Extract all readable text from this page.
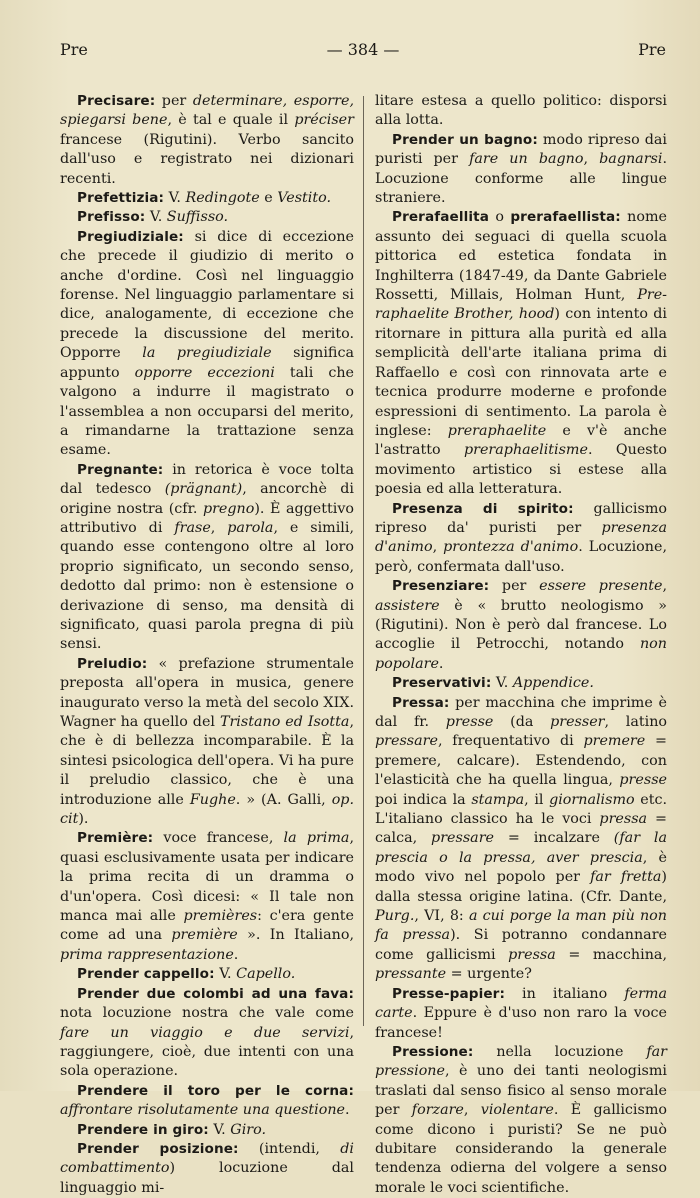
Pre	— 384 —	Pre

Precisare: per determinare, esporre, spiegarsi bene, è tal e quale il préciser francese (Rigutini). Verbo sancito dall'uso e registrato nei dizionari recenti.

Prefettizia: V. Redingote e Vestito.

Prefisso: V. Suffisso.

Pregiudiziale: si dice di eccezione che precede il giudizio di merito o anche d'ordine. Così nel linguaggio forense. Nel linguaggio parlamentare si dice, analogamente, di eccezione che precede la discussione del merito. Opporre la pregiudiziale significa appunto opporre eccezioni tali che valgono a indurre il magistrato o l'assemblea a non occuparsi del merito, a rimandarne la trattazione senza esame.

Pregnante: in retorica è voce tolta dal tedesco (prägnant), ancorchè di origine nostra (cfr. pregno). È aggettivo attributivo di frase, parola, e simili, quando esse contengono oltre al loro proprio significato, un secondo senso, dedotto dal primo: non è estensione o derivazione di senso, ma densità di significato, quasi parola pregna di più sensi.

Preludio: « prefazione strumentale preposta all'opera in musica, genere inaugurato verso la metà del secolo XIX. Wagner ha quello del Tristano ed Isotta, che è di bellezza incomparabile. È la sintesi psicologica dell'opera. Vi ha pure il preludio classico, che è una introduzione alle Fughe. » (A. Galli, op. cit).

Première: voce francese, la prima, quasi esclusivamente usata per indicare la prima recita di un dramma o d'un'opera. Così dicesi: « Il tale non manca mai alle premières: c'era gente come ad una première ». In Italiano, prima rappresentazione.

Prender cappello: V. Capello.

Prender due colombi ad una fava: nota locuzione nostra che vale come fare un viaggio e due servizi, raggiungere, cioè, due intenti con una sola operazione.

Prendere il toro per le corna: affrontare risolutamente una questione.

Prendere in giro: V. Giro.

Prender posizione: (intendi, di combattimento) locuzione dal linguaggio mi-

litare estesa a quello politico: disporsi alla lotta.

Prender un bagno: modo ripreso dai puristi per fare un bagno, bagnarsi. Locuzione conforme alle lingue straniere.

Prerafaellita o prerafaellista: nome assunto dei seguaci di quella scuola pittorica ed estetica fondata in Inghilterra (1847-49, da Dante Gabriele Rossetti, Millais, Holman Hunt, Pre-raphaelite Brother, hood) con intento di ritornare in pittura alla purità ed alla semplicità dell'arte italiana prima di Raffaello e così con rinnovata arte e tecnica produrre moderne e profonde espressioni di sentimento. La parola è inglese: preraphaelite e v'è anche l'astratto preraphaelitisme. Questo movimento artistico si estese alla poesia ed alla letteratura.

Presenza di spirito: gallicismo ripreso da' puristi per presenza d'animo, prontezza d'animo. Locuzione, però, confermata dall'uso.

Presenziare: per essere presente, assistere è « brutto neologismo » (Rigutini). Non è però dal francese. Lo accoglie il Petrocchi, notando non popolare.

Preservativi: V. Appendice.

Pressa: per macchina che imprime è dal fr. presse (da presser, latino pressare, frequentativo di premere = premere, calcare). Estendendo, con l'elasticità che ha quella lingua, presse poi indica la stampa, il giornalismo etc. L'italiano classico ha le voci pressa = calca, pressare = incalzare (far la prescia o la pressa, aver prescia, è modo vivo nel popolo per far fretta) dalla stessa origine latina. (Cfr. Dante, Purg., VI, 8: a cui porge la man più non fa pressa). Si potranno condannare come gallicismi pressa = macchina, pressante = urgente?

Presse-papier: in italiano ferma carte. Eppure è d'uso non raro la voce francese!

Pressione: nella locuzione far pressione, è uno dei tanti neologismi traslati dal senso fisico al senso morale per forzare, violentare. È gallicismo come dicono i puristi? Se ne può dubitare considerando la generale tendenza odierna del volgere a senso morale le voci scientifiche.
